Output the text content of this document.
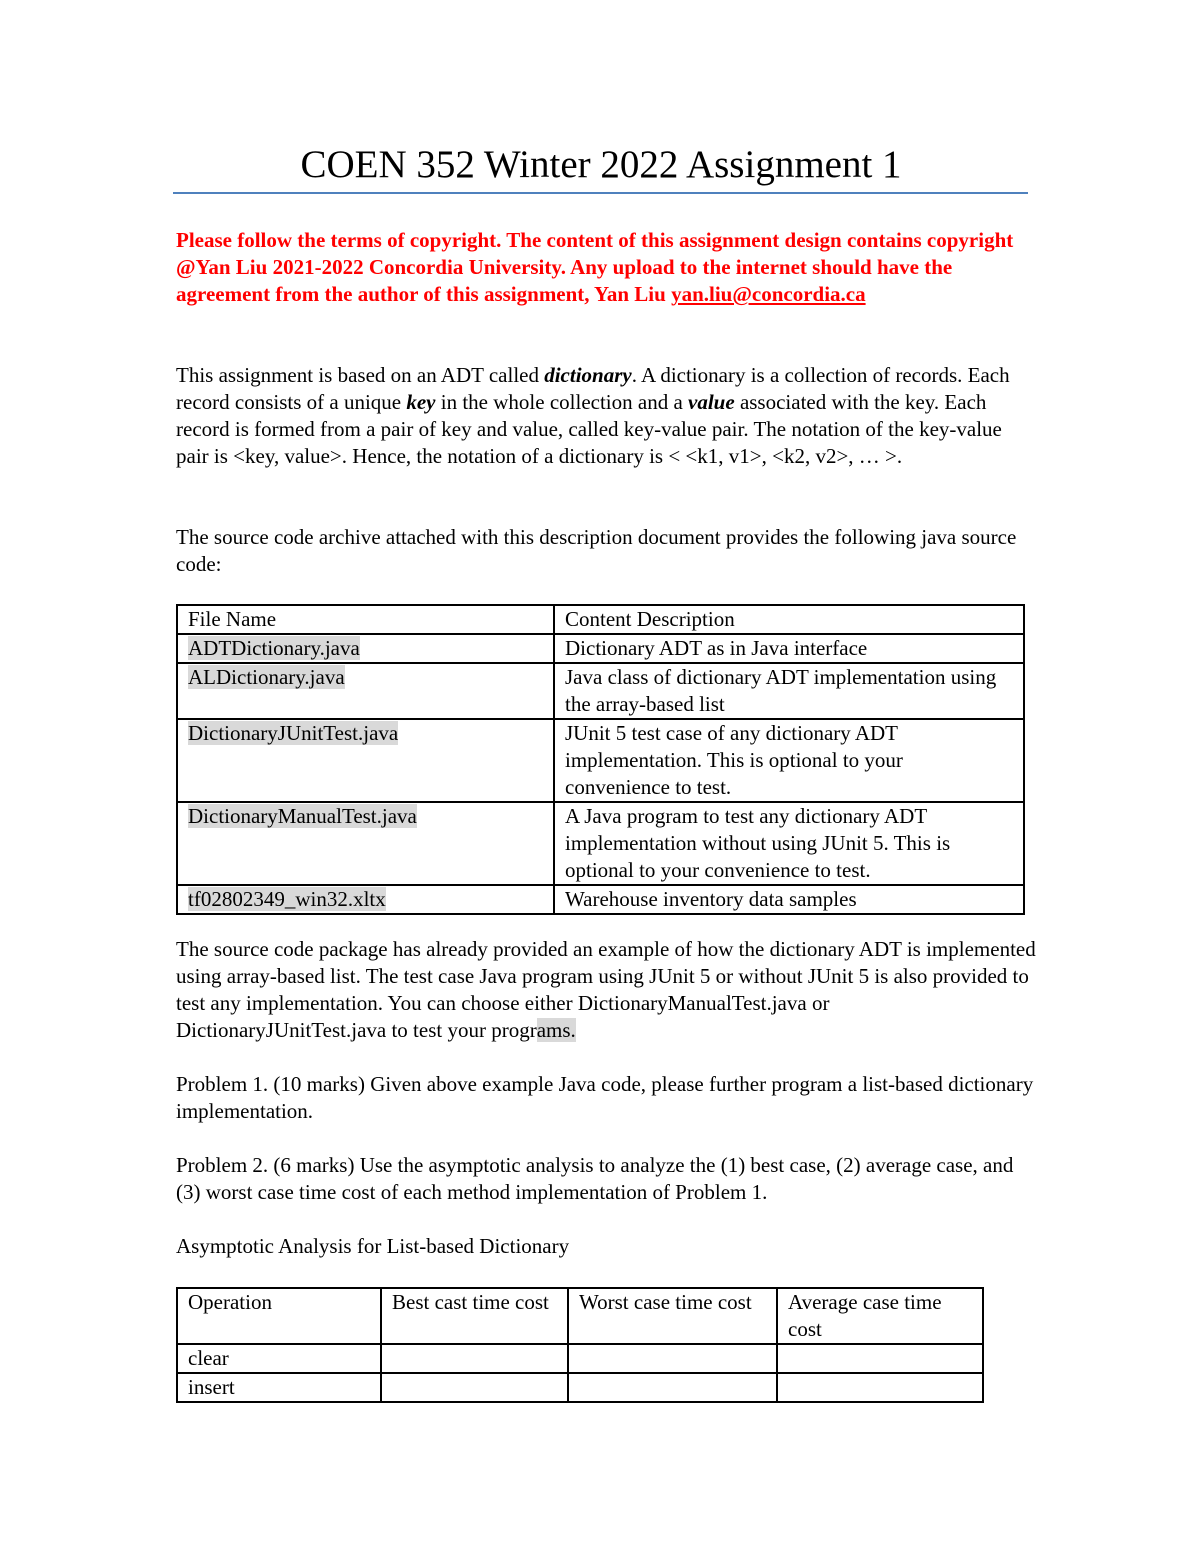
COEN 352 Winter 2022 Assignment 1

Please follow the terms of copyright. The content of this assignment design contains copyright @Yan Liu 2021-2022 Concordia University. Any upload to the internet should have the agreement from the author of this assignment, Yan Liu yan.liu@concordia.ca

This assignment is based on an ADT called dictionary. A dictionary is a collection of records. Each record consists of a unique key in the whole collection and a value associated with the key. Each record is formed from a pair of key and value, called key-value pair. The notation of the key-value pair is <key, value>. Hence, the notation of a dictionary is < <k1, v1>, <k2, v2>, … >.

The source code archive attached with this description document provides the following java source code:

File Name	Content Description
ADTDictionary.java	Dictionary ADT as in Java interface
ALDictionary.java	Java class of dictionary ADT implementation using the array-based list
DictionaryJUnitTest.java	JUnit 5 test case of any dictionary ADT implementation. This is optional to your convenience to test.
DictionaryManualTest.java	A Java program to test any dictionary ADT implementation without using JUnit 5. This is optional to your convenience to test.
tf02802349_win32.xltx	Warehouse inventory data samples

The source code package has already provided an example of how the dictionary ADT is implemented using array-based list. The test case Java program using JUnit 5 or without JUnit 5 is also provided to test any implementation. You can choose either DictionaryManualTest.java or DictionaryJUnitTest.java to test your programs.

Problem 1. (10 marks) Given above example Java code, please further program a list-based dictionary implementation.

Problem 2. (6 marks) Use the asymptotic analysis to analyze the (1) best case, (2) average case, and (3) worst case time cost of each method implementation of Problem 1.

Asymptotic Analysis for List-based Dictionary

Operation	Best cast time cost	Worst case time cost	Average case time cost
clear			
insert			
